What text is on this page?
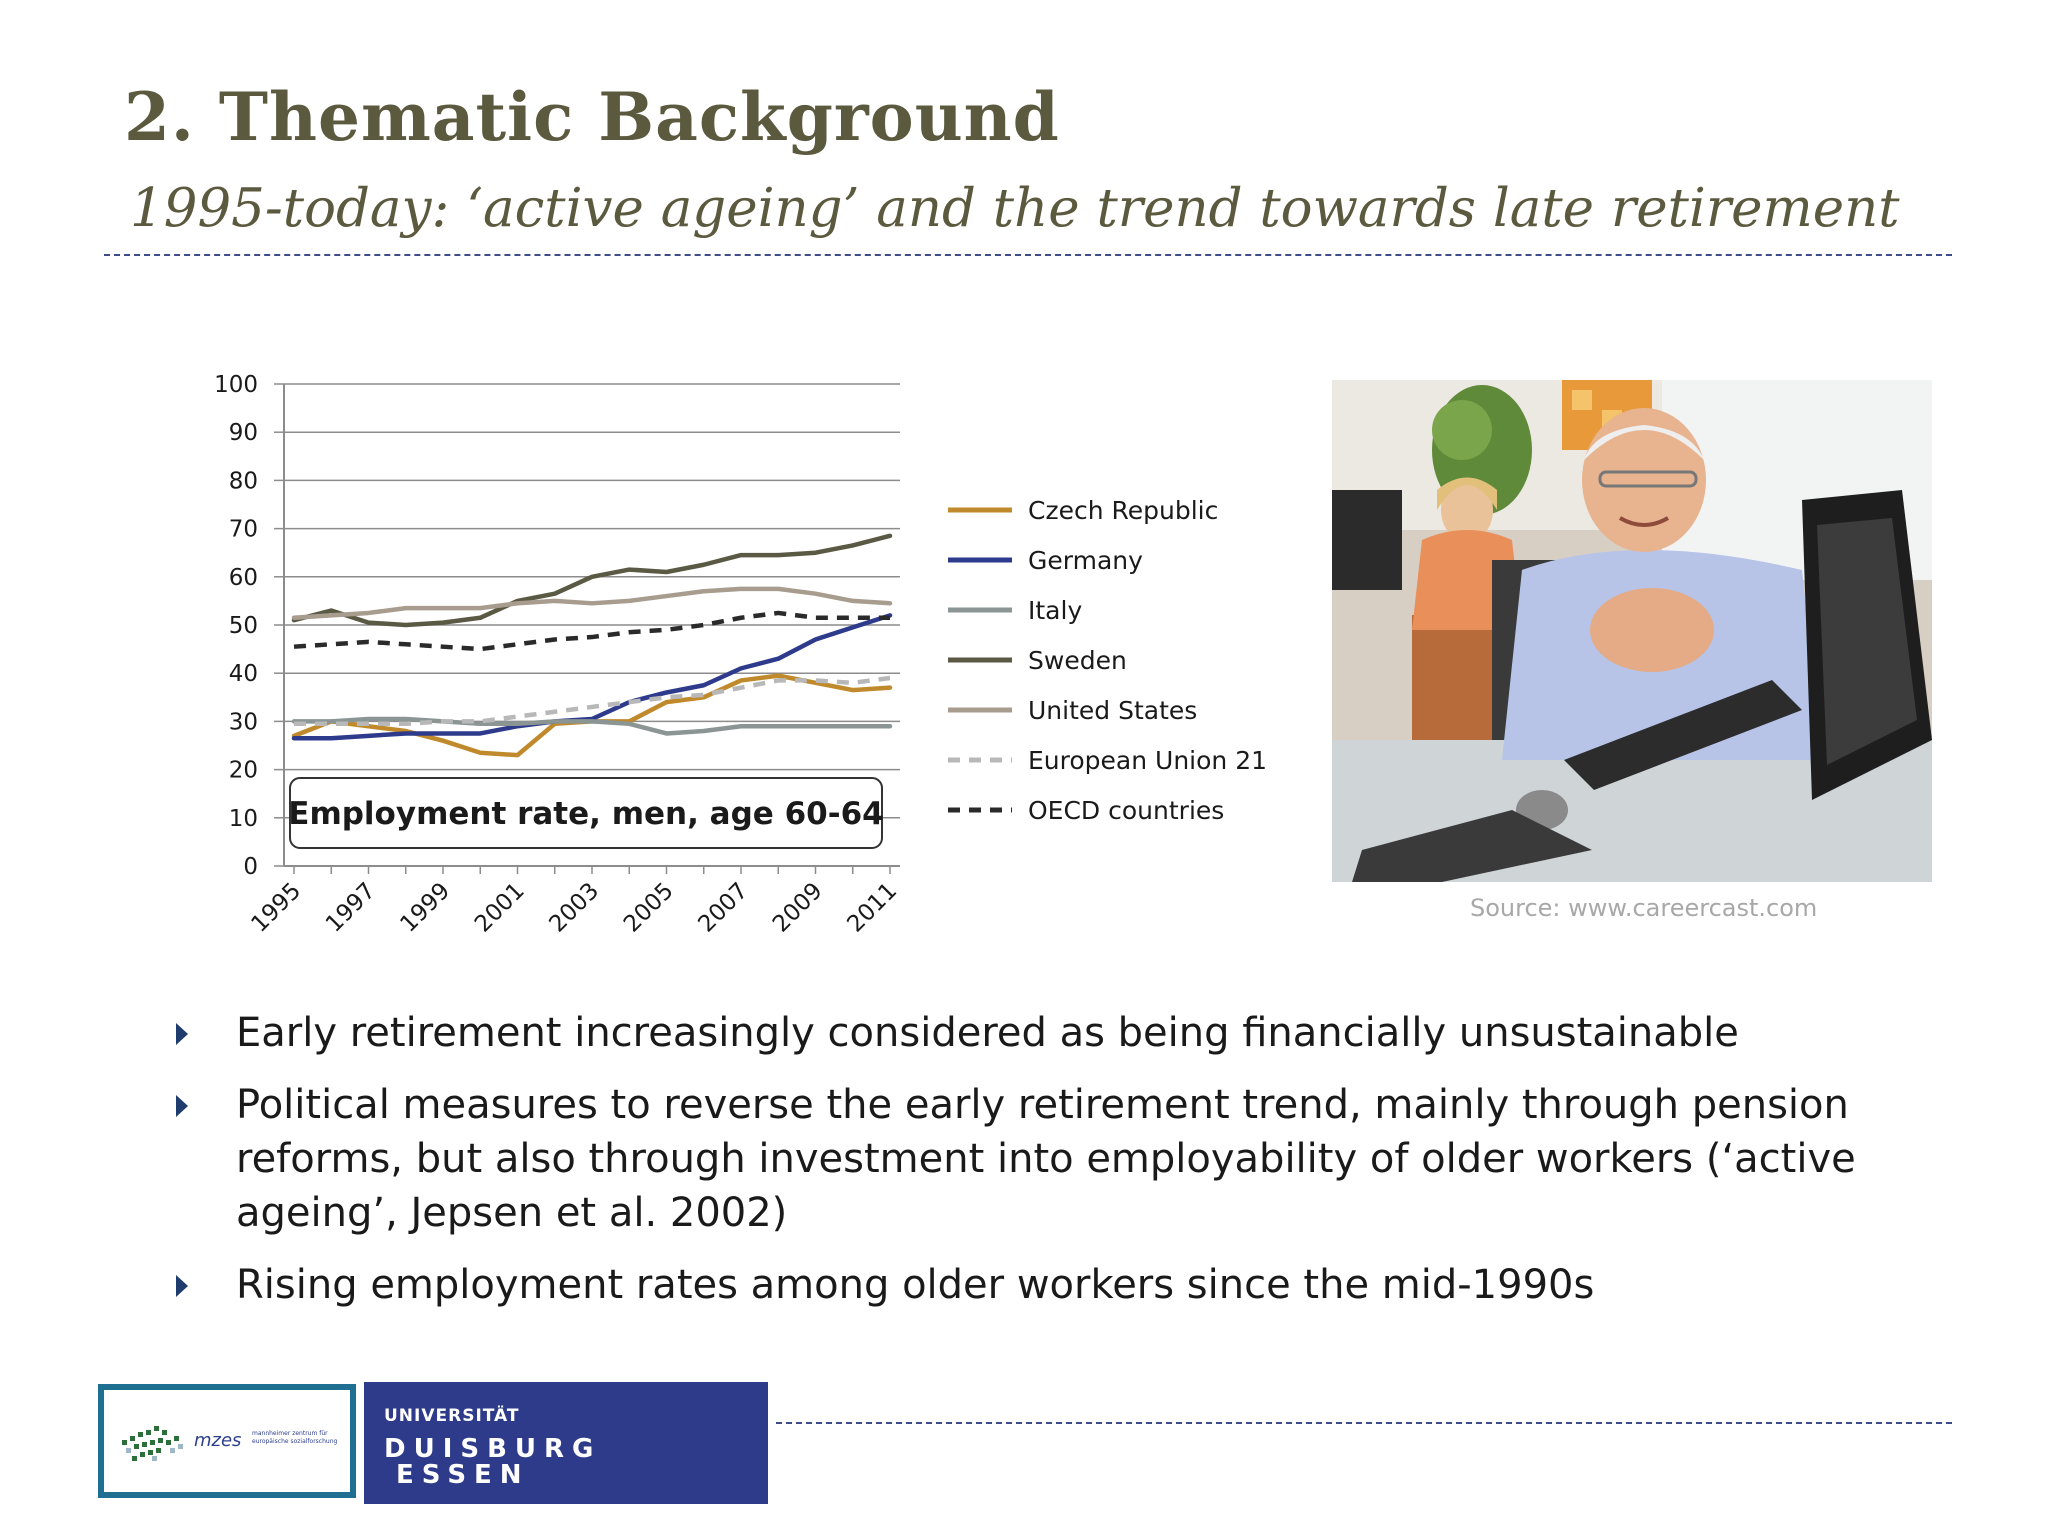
2. Thematic Background
1995-today: ‘active ageing’ and the trend towards late retirement
0
10
20
30
40
50
60
70
80
90
100
1995 1997 1999 2001 2003 2005 2007 2009 2011
Employment rate, men, age 60-64
Czech Republic
Germany
Italy
Sweden
United States
European Union 21
OECD countries
Source: www.careercast.com
Early retirement increasingly considered as being financially unsustainable
Political measures to reverse the early retirement trend, mainly through pension reforms, but also through investment into employability of older workers (‘active ageing’, Jepsen et al. 2002)
Rising employment rates among older workers since the mid-1990s
mzes mannheimer zentrum für europäische sozialforschung
UNIVERSITÄT
DUISBURG
ESSEN
